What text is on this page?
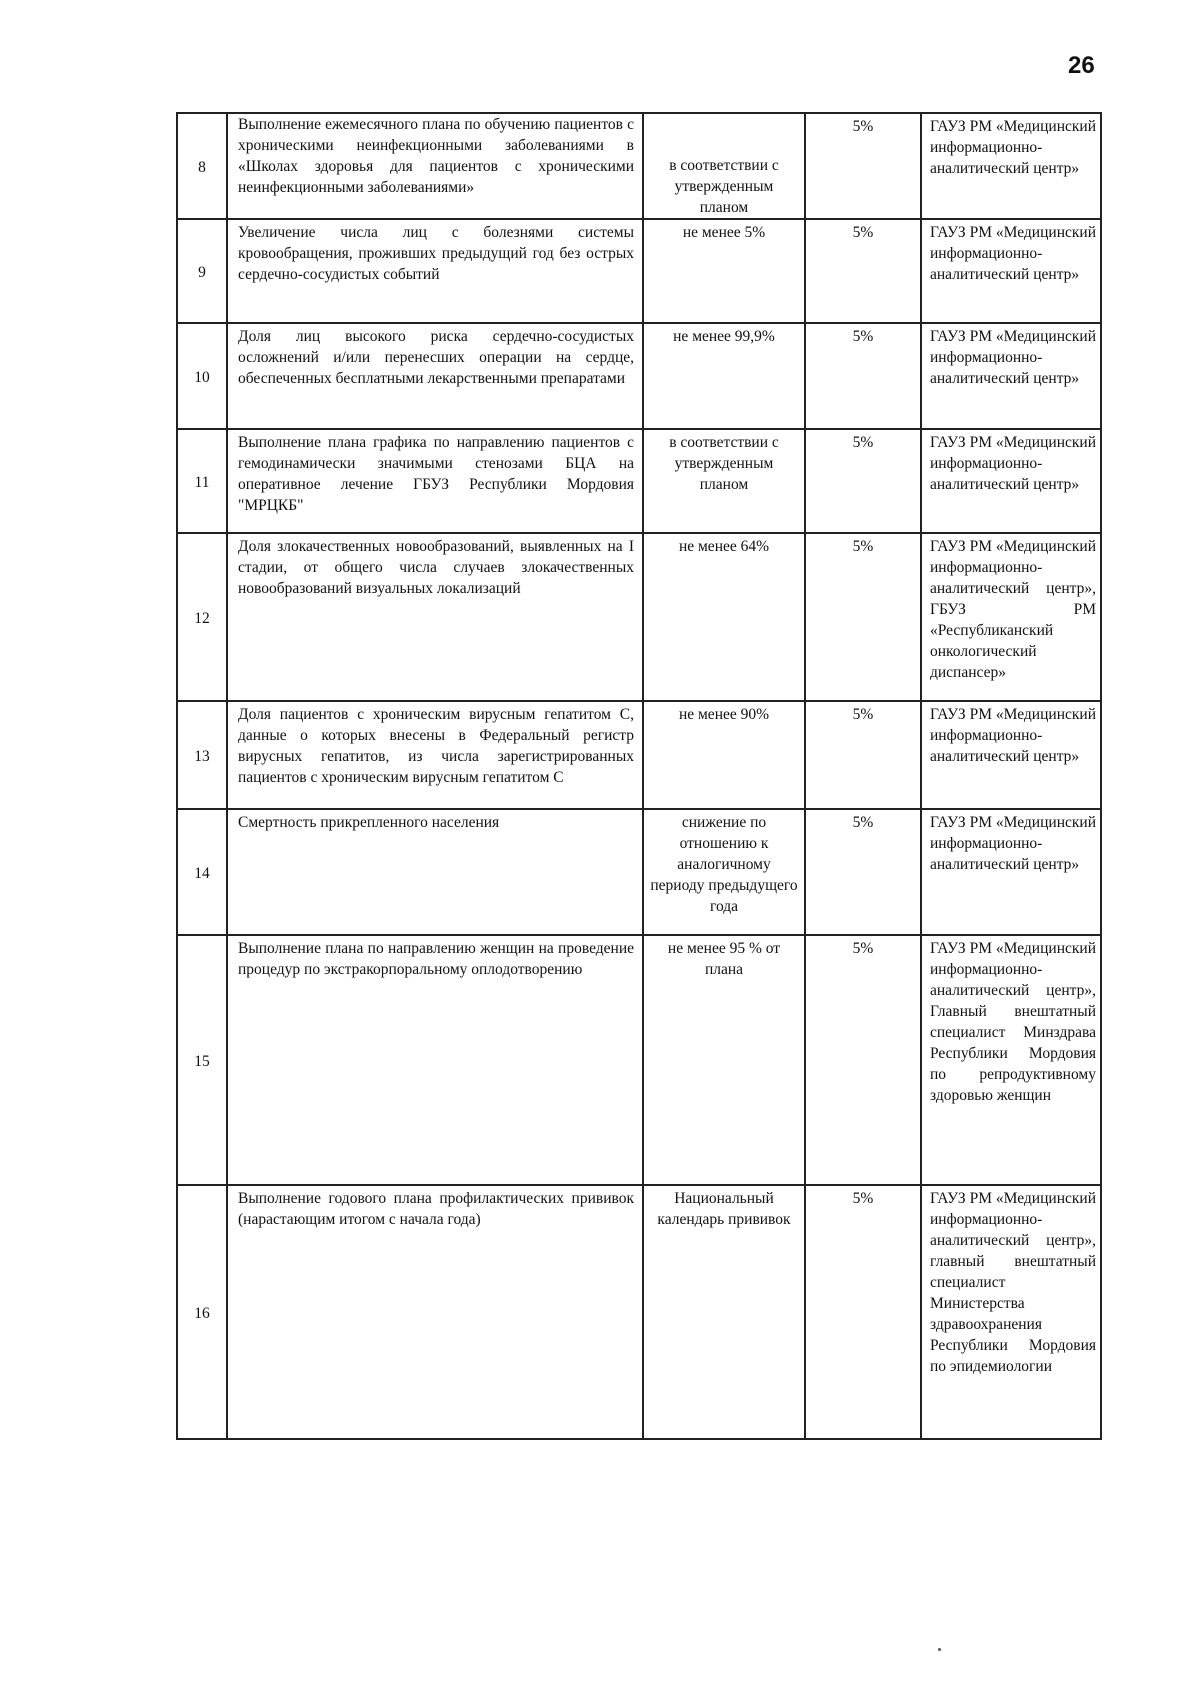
26
8	Выполнение ежемесячного плана по обучению пациентов с хроническими неинфекционными заболеваниями в «Школах здоровья для пациентов с хроническими неинфекционными заболеваниями»	в соответствии с утвержденным планом	5%	ГАУЗ РМ «Медицинский информационно-аналитический центр»
9	Увеличение числа лиц с болезнями системы кровообращения, проживших предыдущий год без острых сердечно-сосудистых событий	не менее 5%	5%	ГАУЗ РМ «Медицинский информационно-аналитический центр»
10	Доля лиц высокого риска сердечно-сосудистых осложнений и/или перенесших операции на сердце, обеспеченных бесплатными лекарственными препаратами	не менее 99,9%	5%	ГАУЗ РМ «Медицинский информационно-аналитический центр»
11	Выполнение плана графика по направлению пациентов с гемодинамически значимыми стенозами БЦА на оперативное лечение ГБУЗ Республики Мордовия "МРЦКБ"	в соответствии с утвержденным планом	5%	ГАУЗ РМ «Медицинский информационно-аналитический центр»
12	Доля злокачественных новообразований, выявленных на I стадии, от общего числа случаев злокачественных новообразований визуальных локализаций	не менее 64%	5%	ГАУЗ РМ «Медицинский информационно-аналитический центр», ГБУЗ РМ «Республиканский онкологический диспансер»
13	Доля пациентов с хроническим вирусным гепатитом С, данные о которых внесены в Федеральный регистр вирусных гепатитов, из числа зарегистрированных пациентов с хроническим вирусным гепатитом С	не менее 90%	5%	ГАУЗ РМ «Медицинский информационно-аналитический центр»
14	Смертность прикрепленного населения	снижение по отношению к аналогичному периоду предыдущего года	5%	ГАУЗ РМ «Медицинский информационно-аналитический центр»
15	Выполнение плана по направлению женщин на проведение процедур по экстракорпоральному оплодотворению	не менее 95 % от плана	5%	ГАУЗ РМ «Медицинский информационно-аналитический центр», Главный внештатный специалист Минздрава Республики Мордовия по репродуктивному здоровью женщин
16	Выполнение годового плана профилактических прививок (нарастающим итогом с начала года)	Национальный календарь прививок	5%	ГАУЗ РМ «Медицинский информационно-аналитический центр», главный внештатный специалист Министерства здравоохранения Республики Мордовия по эпидемиологии
